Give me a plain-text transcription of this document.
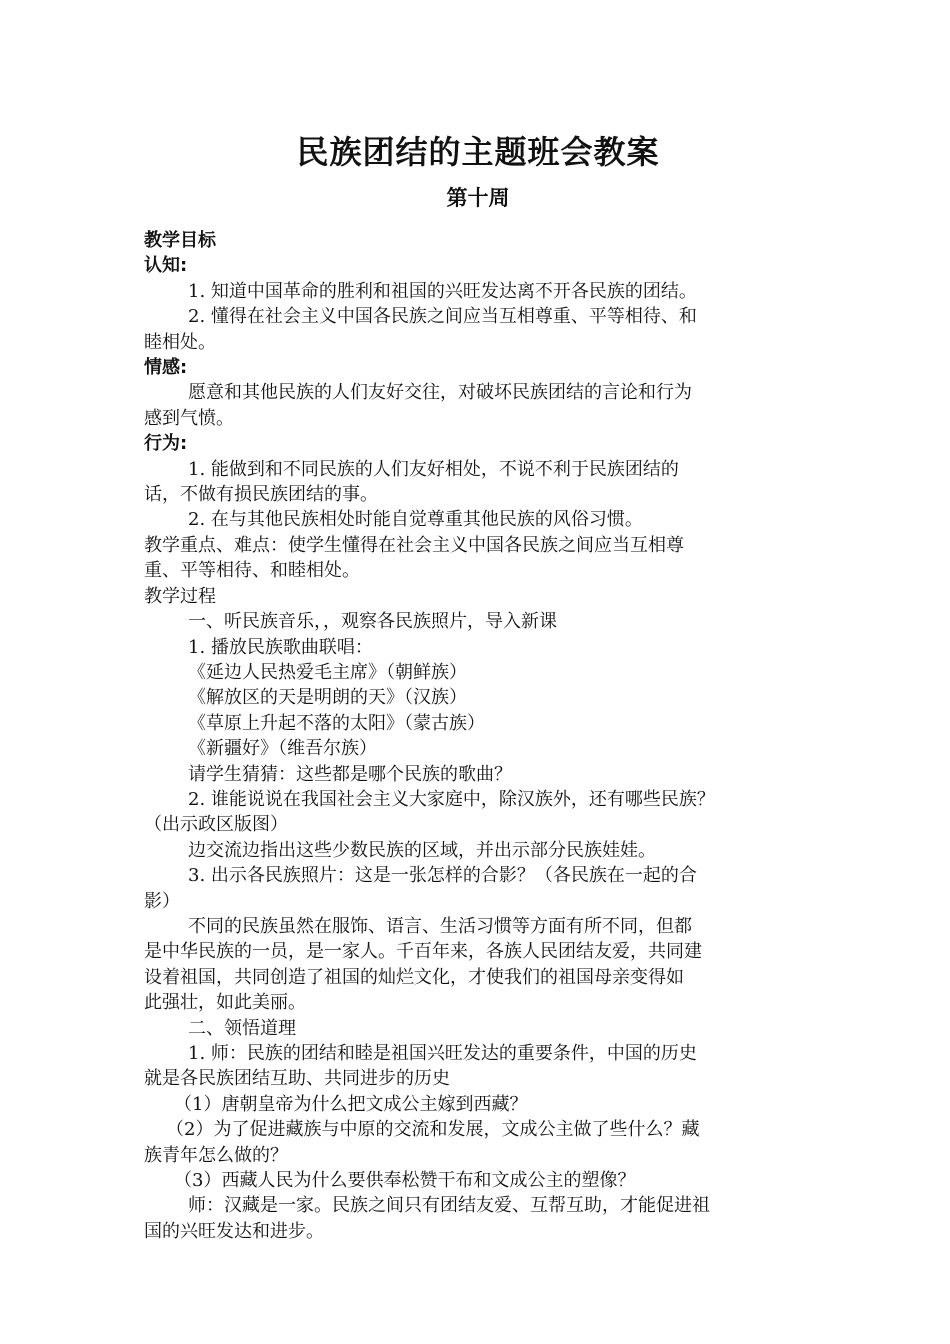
民族团结的主题班会教案
第十周
教学目标
认知:
1. 知道中国革命的胜利和祖国的兴旺发达离不开各民族的团结。
2. 懂得在社会主义中国各民族之间应当互相尊重、平等相待、和
睦相处。
情感:
愿意和其他民族的人们友好交往，对破坏民族团结的言论和行为
感到气愤。
行为:
1. 能做到和不同民族的人们友好相处，不说不利于民族团结的
话，不做有损民族团结的事。
2. 在与其他民族相处时能自觉尊重其他民族的风俗习惯。
教学重点、难点：使学生懂得在社会主义中国各民族之间应当互相尊
重、平等相待、和睦相处。
教学过程
一、听民族音乐，，观察各民族照片，导入新课
1. 播放民族歌曲联唱：
《延边人民热爱毛主席》（朝鲜族）
《解放区的天是明朗的天》（汉族）
《草原上升起不落的太阳》（蒙古族）
《新疆好》（维吾尔族）
请学生猜猜：这些都是哪个民族的歌曲？
2. 谁能说说在我国社会主义大家庭中，除汉族外，还有哪些民族？
（出示政区版图）
边交流边指出这些少数民族的区域，并出示部分民族娃娃。
3. 出示各民族照片：这是一张怎样的合影？（各民族在一起的合
影）
不同的民族虽然在服饰、语言、生活习惯等方面有所不同，但都
是中华民族的一员，是一家人。千百年来，各族人民团结友爱，共同建
设着祖国，共同创造了祖国的灿烂文化，才使我们的祖国母亲变得如
此强壮，如此美丽。
二、领悟道理
1. 师：民族的团结和睦是祖国兴旺发达的重要条件，中国的历史
就是各民族团结互助、共同进步的历史
（1）唐朝皇帝为什么把文成公主嫁到西藏？
（2）为了促进藏族与中原的交流和发展，文成公主做了些什么？藏
族青年怎么做的？
（3）西藏人民为什么要供奉松赞干布和文成公主的塑像？
师：汉藏是一家。民族之间只有团结友爱、互帮互助，才能促进祖
国的兴旺发达和进步。
